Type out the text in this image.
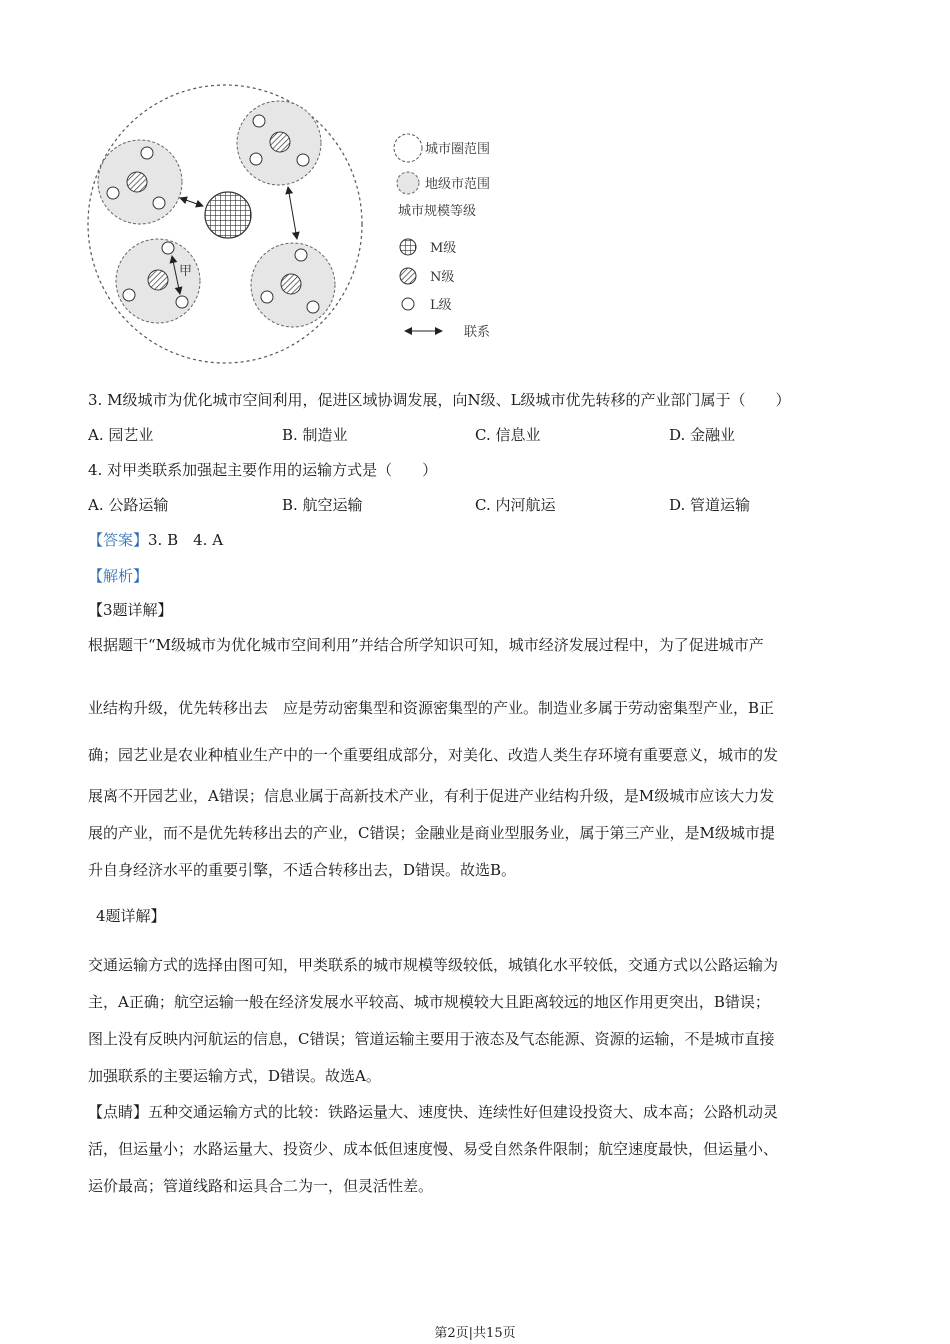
甲
城市圈范围
地级市范围
城市规模等级
M级
N级
L级
联系

3. M级城市为优化城市空间利用，促进区域协调发展，向N级、L级城市优先转移的产业部门属于（　　）

A. 园艺业	B. 制造业	C. 信息业	D. 金融业

4. 对甲类联系加强起主要作用的运输方式是（　　）

A. 公路运输	B. 航空运输	C. 内河航运	D. 管道运输

【答案】3. B　4. A

【解析】

【3题详解】

根据题干“M级城市为优化城市空间利用”并结合所学知识可知，城市经济发展过程中，为了促进城市产

业结构升级，优先转移出去　应是劳动密集型和资源密集型的产业。制造业多属于劳动密集型产业，B正

确；园艺业是农业种植业生产中的一个重要组成部分，对美化、改造人类生存环境有重要意义，城市的发

展离不开园艺业，A错误；信息业属于高新技术产业，有利于促进产业结构升级，是M级城市应该大力发

展的产业，而不是优先转移出去的产业，C错误；金融业是商业型服务业，属于第三产业，是M级城市提

升自身经济水平的重要引擎，不适合转移出去，D错误。故选B。

4题详解】

交通运输方式的选择由图可知，甲类联系的城市规模等级较低，城镇化水平较低，交通方式以公路运输为

主，A正确；航空运输一般在经济发展水平较高、城市规模较大且距离较远的地区作用更突出，B错误；

图上没有反映内河航运的信息，C错误；管道运输主要用于液态及气态能源、资源的运输，不是城市直接

加强联系的主要运输方式，D错误。故选A。

【点睛】五种交通运输方式的比较：铁路运量大、速度快、连续性好但建设投资大、成本高；公路机动灵

活，但运量小；水路运量大、投资少、成本低但速度慢、易受自然条件限制；航空速度最快，但运量小、

运价最高；管道线路和运具合二为一，但灵活性差。

第2页|共15页
